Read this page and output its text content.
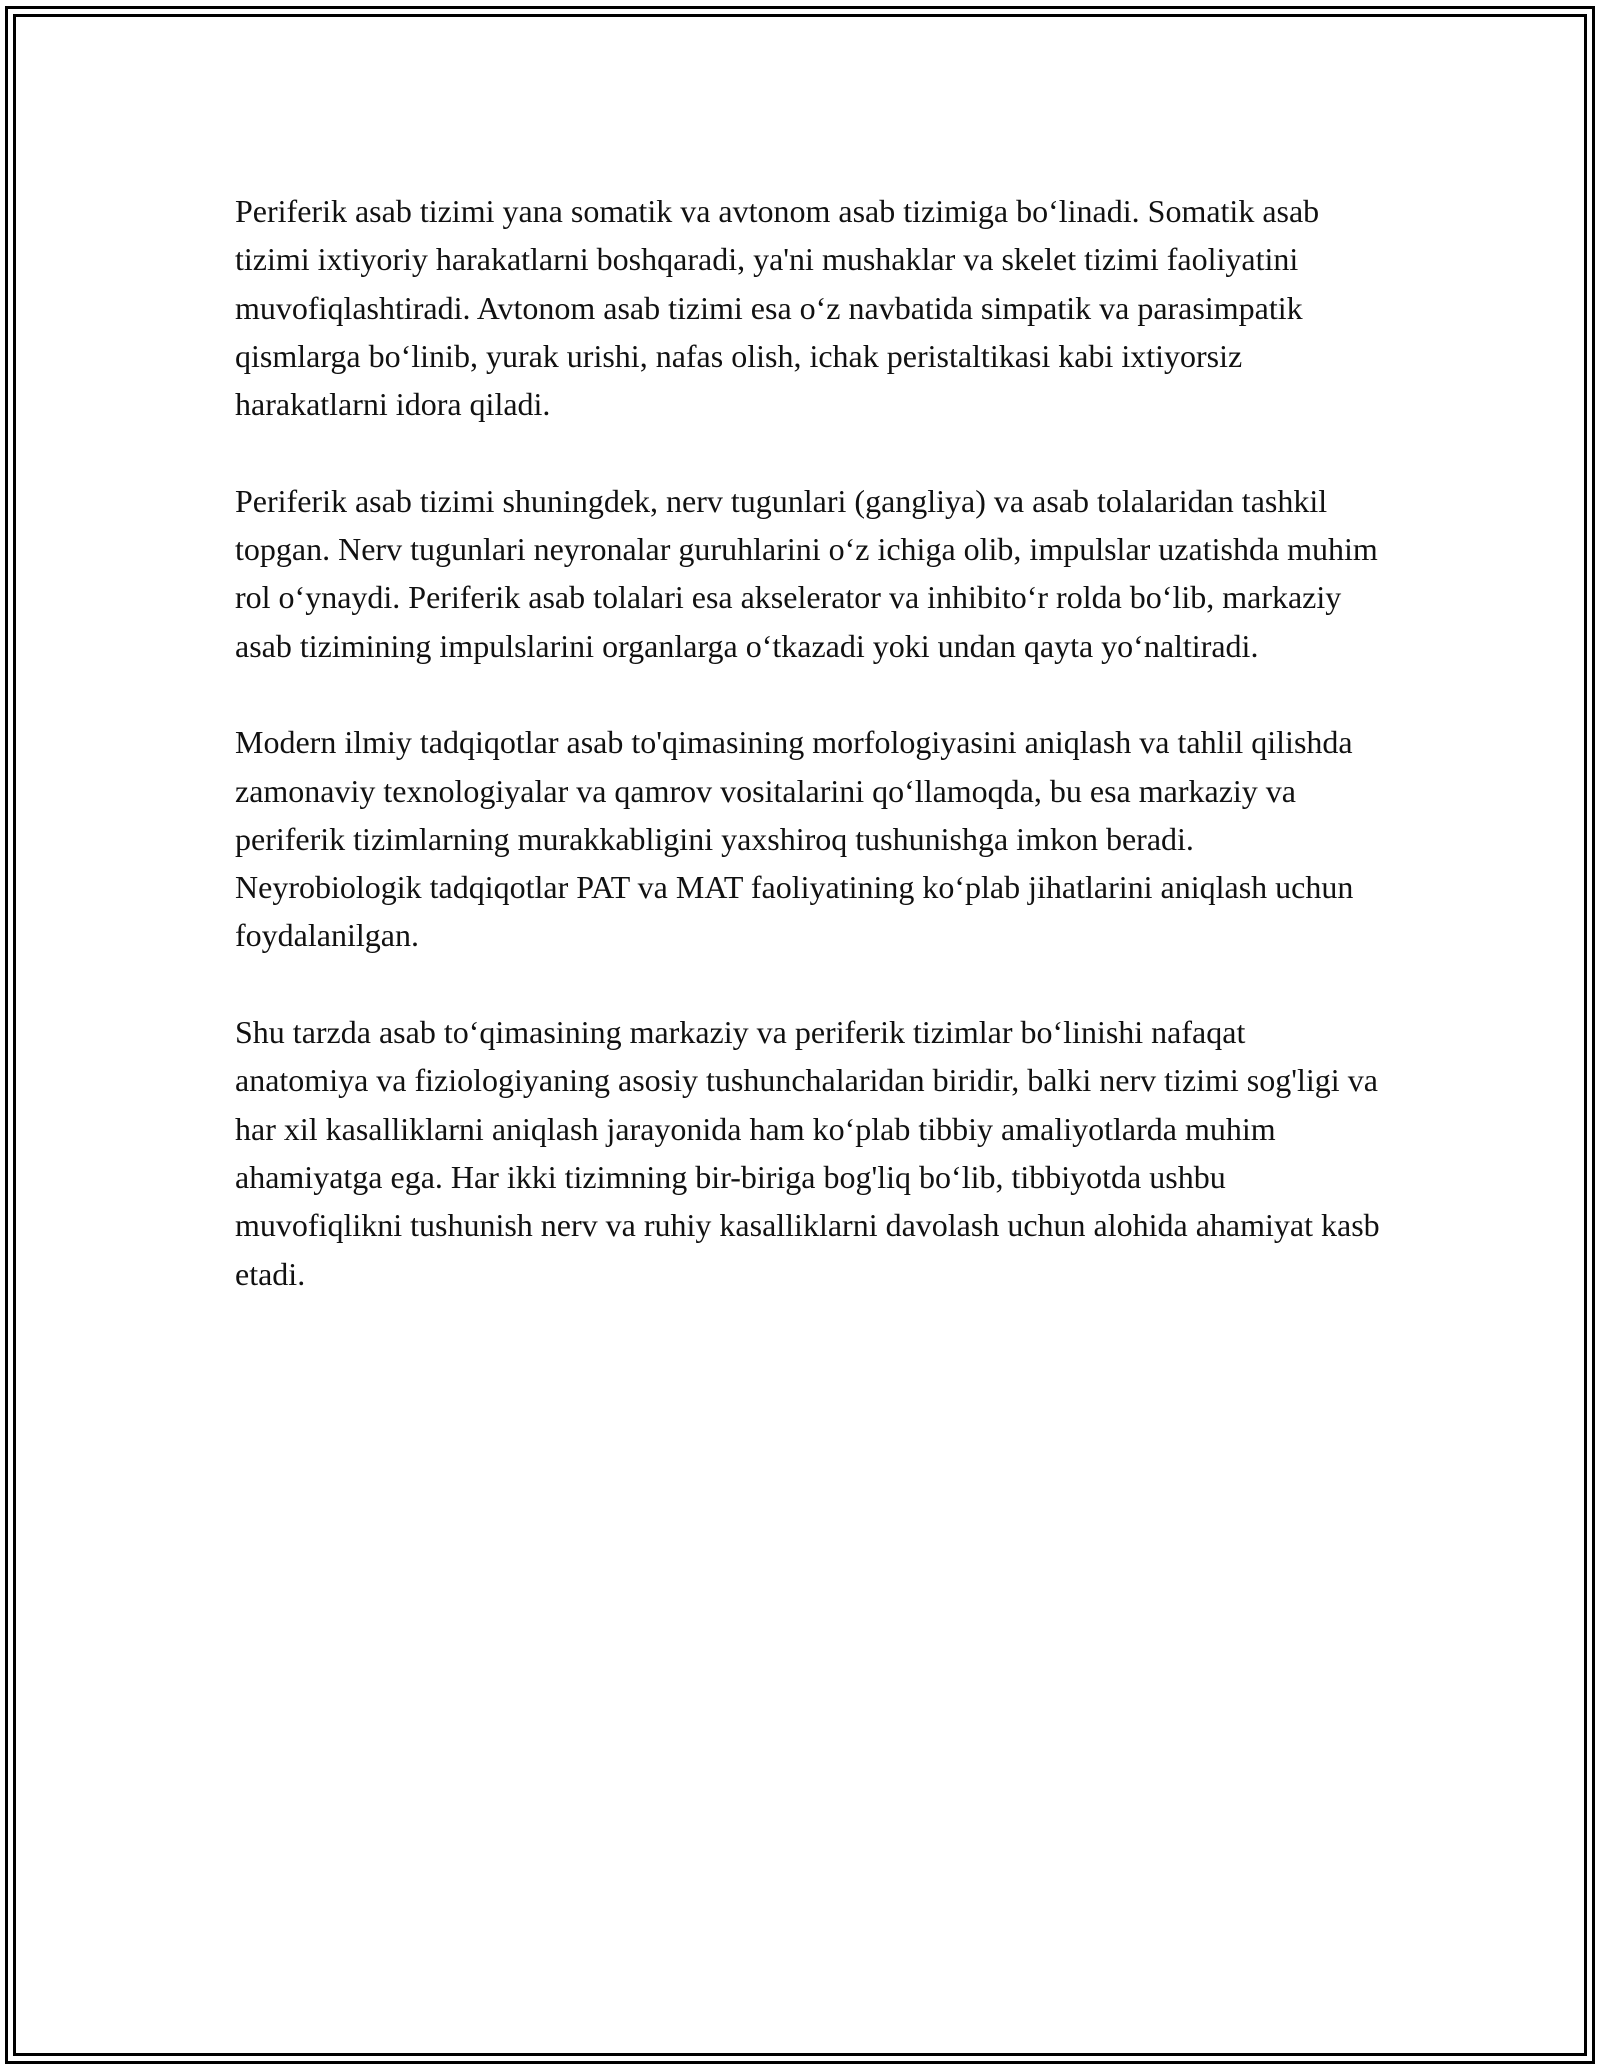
Periferik asab tizimi yana somatik va avtonom asab tizimiga bo‘linadi. Somatik asab tizimi ixtiyoriy harakatlarni boshqaradi, ya'ni mushaklar va skelet tizimi faoliyatini muvofiqlashtiradi. Avtonom asab tizimi esa o‘z navbatida simpatik va parasimpatik qismlarga bo‘linib, yurak urishi, nafas olish, ichak peristaltikasi kabi ixtiyorsiz harakatlarni idora qiladi.

Periferik asab tizimi shuningdek, nerv tugunlari (gangliya) va asab tolalaridan tashkil topgan. Nerv tugunlari neyronalar guruhlarini o‘z ichiga olib, impulslar uzatishda muhim rol o‘ynaydi. Periferik asab tolalari esa akselerator va inhibito‘r rolda bo‘lib, markaziy asab tizimining impulslarini organlarga o‘tkazadi yoki undan qayta yo‘naltiradi.

Modern ilmiy tadqiqotlar asab to'qimasining morfologiyasini aniqlash va tahlil qilishda zamonaviy texnologiyalar va qamrov vositalarini qo‘llamoqda, bu esa markaziy va periferik tizimlarning murakkabligini yaxshiroq tushunishga imkon beradi. Neyrobiologik tadqiqotlar PAT va MAT faoliyatining ko‘plab jihatlarini aniqlash uchun foydalanilgan.

Shu tarzda asab to‘qimasining markaziy va periferik tizimlar bo‘linishi nafaqat anatomiya va fiziologiyaning asosiy tushunchalaridan biridir, balki nerv tizimi sog'ligi va har xil kasalliklarni aniqlash jarayonida ham ko‘plab tibbiy amaliyotlarda muhim ahamiyatga ega. Har ikki tizimning bir-biriga bog'liq bo‘lib, tibbiyotda ushbu muvofiqlikni tushunish nerv va ruhiy kasalliklarni davolash uchun alohida ahamiyat kasb etadi.
